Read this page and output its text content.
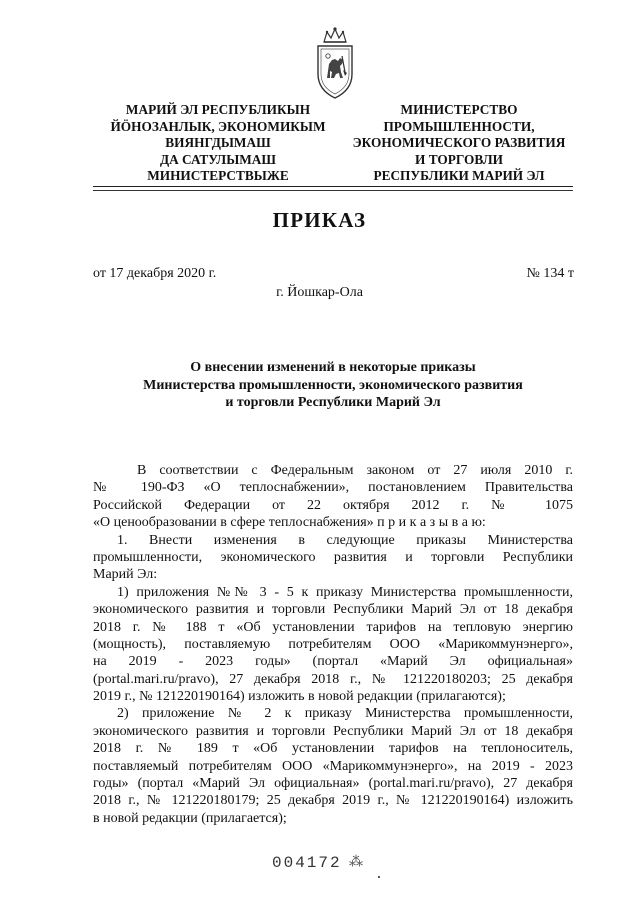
МАРИЙ ЭЛ РЕСПУБЛИКЫН
ЙӦНОЗАНЛЫК, ЭКОНОМИКЫМ
ВИЯНГДЫМАШ
ДА САТУЛЫМАШ
МИНИСТЕРСТВЫЖЕ
МИНИСТЕРСТВО
ПРОМЫШЛЕННОСТИ,
ЭКОНОМИЧЕСКОГО РАЗВИТИЯ
И ТОРГОВЛИ
РЕСПУБЛИКИ МАРИЙ ЭЛ
ПРИКАЗ
от 17 декабря 2020 г.	№ 134 т
г. Йошкар-Ола
О внесении изменений в некоторые приказы
Министерства промышленности, экономического развития
и торговли Республики Марий Эл
В соответствии с Федеральным законом от 27 июля 2010 г.
№ 190-ФЗ «О теплоснабжении», постановлением Правительства
Российской Федерации от 22 октября 2012 г. № 1075
«О ценообразовании в сфере теплоснабжения» п р и к а з ы в а ю:
1. Внести изменения в следующие приказы Министерства
промышленности, экономического развития и торговли Республики
Марий Эл:
1) приложения №№ 3 - 5 к приказу Министерства промышленности,
экономического развития и торговли Республики Марий Эл от 18 декабря
2018 г. № 188 т «Об установлении тарифов на тепловую энергию
(мощность), поставляемую потребителям ООО «Марикоммунэнерго»,
на 2019 - 2023 годы» (портал «Марий Эл официальная»
(portal.mari.ru/pravo), 27 декабря 2018 г., № 121220180203; 25 декабря
2019 г., № 121220190164) изложить в новой редакции (прилагаются);
2) приложение № 2 к приказу Министерства промышленности,
экономического развития и торговли Республики Марий Эл от 18 декабря
2018 г. № 189 т «Об установлении тарифов на теплоноситель,
поставляемый потребителям ООО «Марикоммунэнерго», на 2019 - 2023
годы» (портал «Марий Эл официальная» (portal.mari.ru/pravo), 27 декабря
2018 г., № 121220180179; 25 декабря 2019 г., № 121220190164) изложить
в новой редакции (прилагается);
004172 ⁂
